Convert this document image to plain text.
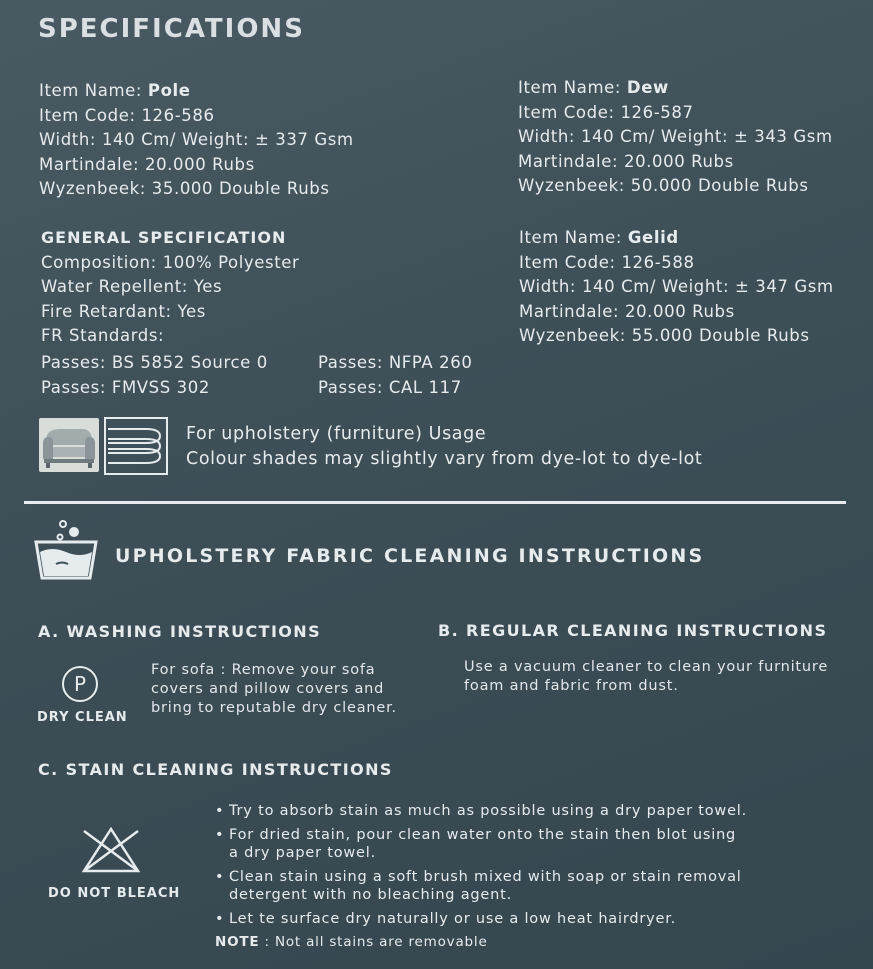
SPECIFICATIONS
Item Name: Pole
Item Code: 126-586
Width: 140 Cm/ Weight: ± 337 Gsm
Martindale: 20.000 Rubs
Wyzenbeek: 35.000 Double Rubs
Item Name: Dew
Item Code: 126-587
Width: 140 Cm/ Weight: ± 343 Gsm
Martindale: 20.000 Rubs
Wyzenbeek: 50.000 Double Rubs
Item Name: Gelid
Item Code: 126-588
Width: 140 Cm/ Weight: ± 347 Gsm
Martindale: 20.000 Rubs
Wyzenbeek: 55.000 Double Rubs
GENERAL SPECIFICATION
Composition: 100% Polyester
Water Repellent: Yes
Fire Retardant: Yes
FR Standards:
Passes: BS 5852 Source 0
Passes: FMVSS 302
Passes: NFPA 260
Passes: CAL 117
For upholstery (furniture) Usage
Colour shades may slightly vary from dye-lot to dye-lot
UPHOLSTERY FABRIC CLEANING INSTRUCTIONS
A. WASHING INSTRUCTIONS
P
DRY CLEAN
For sofa : Remove your sofa
covers and pillow covers and
bring to reputable dry cleaner.
B. REGULAR CLEANING INSTRUCTIONS
Use a vacuum cleaner to clean your furniture
foam and fabric from dust.
C. STAIN CLEANING INSTRUCTIONS
DO NOT BLEACH
• Try to absorb stain as much as possible using a dry paper towel.
• For dried stain, pour clean water onto the stain then blot using
a dry paper towel.
• Clean stain using a soft brush mixed with soap or stain removal
detergent with no bleaching agent.
• Let te surface dry naturally or use a low heat hairdryer.
NOTE : Not all stains are removable
